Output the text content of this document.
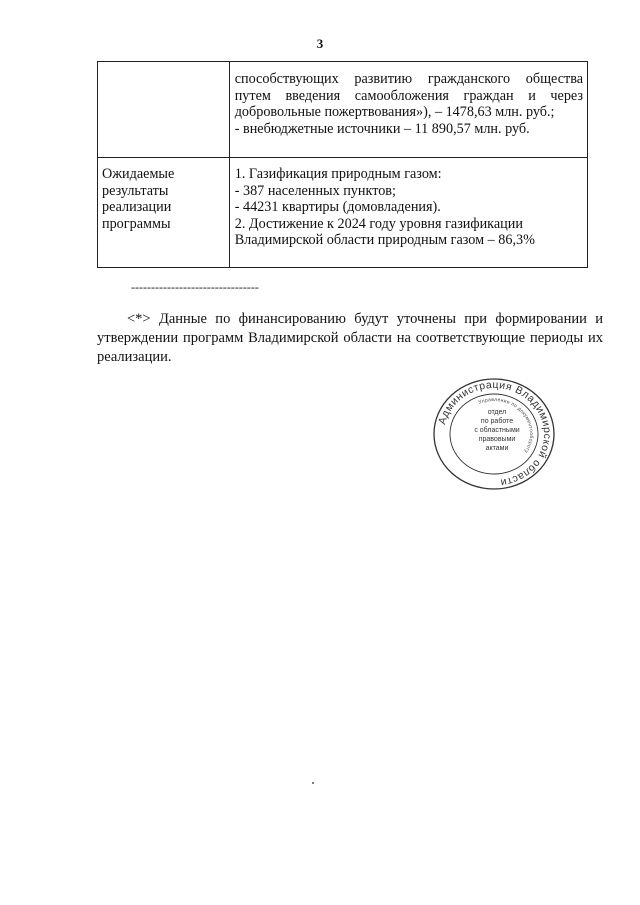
3

	способствующих развитию гражданского общества
путем введения самообложения граждан и через
добровольные пожертвования»), – 1478,63 млн. руб.;
- внебюджетные источники – 11 890,57 млн. руб.

Ожидаемые
результаты
реализации
программы	1. Газификация природным газом:
- 387 населенных пунктов;
- 44231 квартиры (домовладения).
2. Достижение к 2024 году уровня газификации
Владимирской области природным газом – 86,3%
--------------------------------

<*> Данные по финансированию будут уточнены при формировании и утверждении программ Владимирской области на соответствующие периоды их реализации.

Администрация Владимирской области
Управление по документообороту
отдел
по работе
с областными
правовыми
актами
